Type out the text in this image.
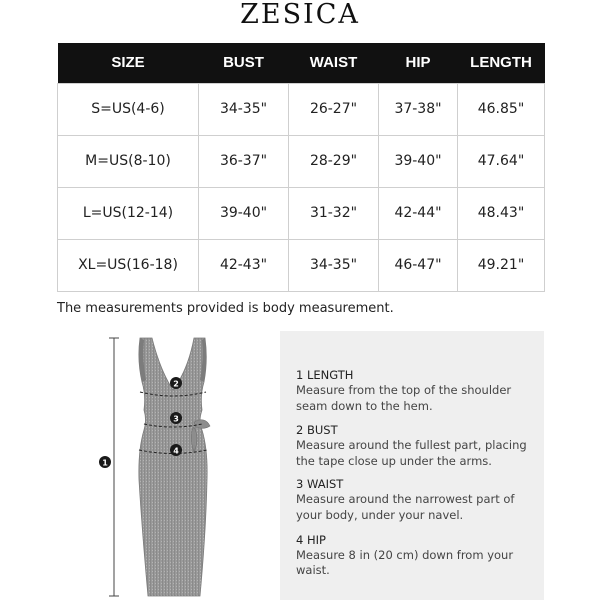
ZESICA
SIZE	BUST	WAIST	HIP	LENGTH
S=US(4-6)	34-35"	26-27"	37-38"	46.85"
M=US(8-10)	36-37"	28-29"	39-40"	47.64"
L=US(12-14)	39-40"	31-32"	42-44"	48.43"
XL=US(16-18)	42-43"	34-35"	46-47"	49.21"
The measurements provided is body measurement.
1
2
3
4
1 LENGTH
Measure from the top of the shoulder
seam down to the hem.
2 BUST
Measure around the fullest part, placing
the tape close up under the arms.
3 WAIST
Measure around the narrowest part of
your body, under your navel.
4 HIP
Measure 8 in (20 cm) down from your waist.
